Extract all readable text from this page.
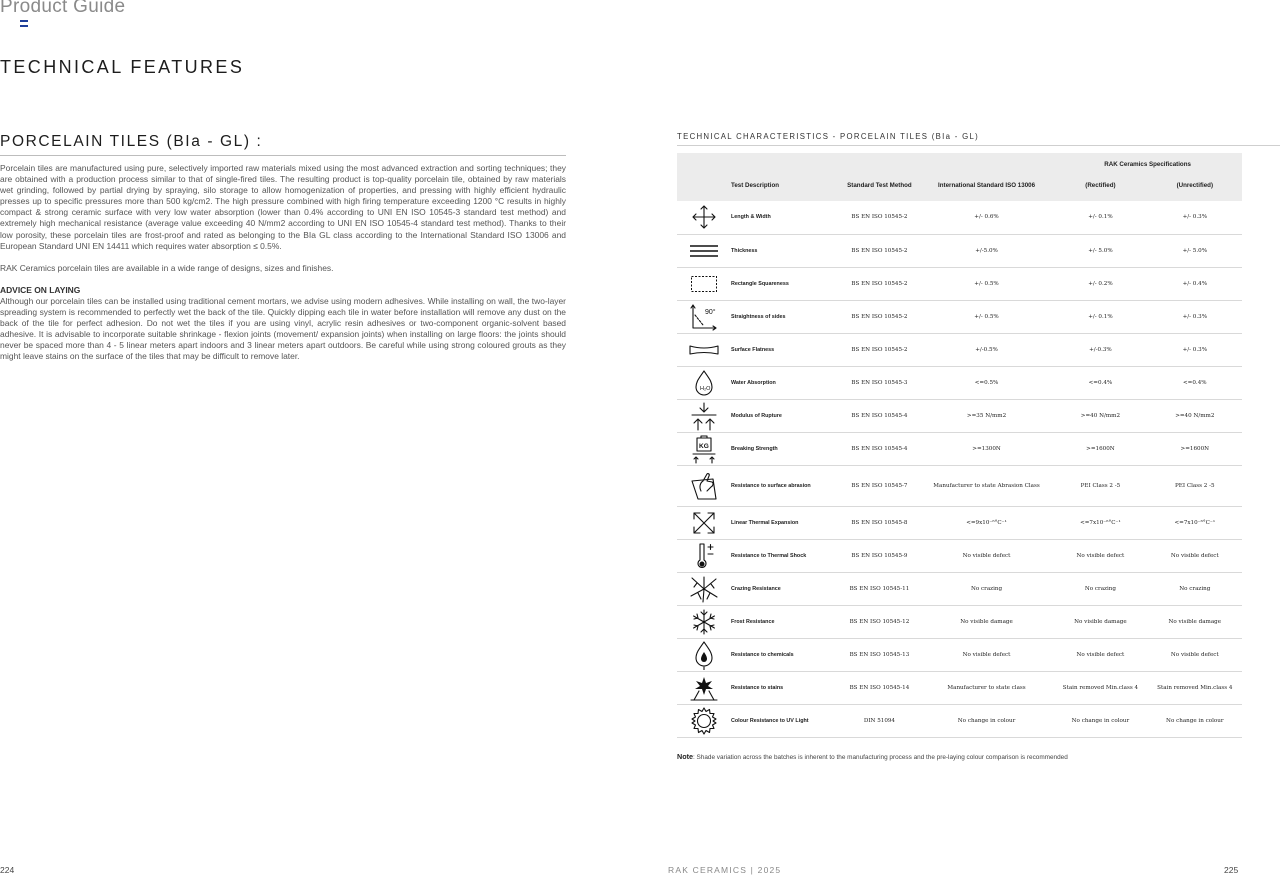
Product Guide
TECHNICAL FEATURES
PORCELAIN TILES (BIa - GL) :

Porcelain tiles are manufactured using pure, selectively imported raw materials mixed using the most advanced extraction and sorting techniques; they are obtained with a production process similar to that of single-fired tiles. The resulting product is top-quality porcelain tile, obtained by raw materials wet grinding, followed by partial drying by spraying, silo storage to allow homogenization of properties, and pressing with highly efficient hydraulic presses up to specific pressures more than 500 kg/cm2. The high pressure combined with high firing temperature exceeding 1200 °C results in highly compact & strong ceramic surface with very low water absorption (lower than 0.4% according to UNI EN ISO 10545-3 standard test method) and extremely high mechanical resistance (average value exceeding 40 N/mm2 according to UNI EN ISO 10545-4 standard test method). Thanks to their low porosity, these porcelain tiles are frost-proof and rated as belonging to the BIa GL class according to the International Standard ISO 13006 and European Standard UNI EN 14411 which requires water absorption ≤ 0.5%.

RAK Ceramics porcelain tiles are available in a wide range of designs, sizes and finishes.

ADVICE ON LAYING
Although our porcelain tiles can be installed using traditional cement mortars, we advise using modern adhesives. While installing on wall, the two-layer spreading system is recommended to perfectly wet the back of the tile. Quickly dipping each tile in water before installation will remove any dust on the back of the tile for perfect adhesion. Do not wet the tiles if you are using vinyl, acrylic resin adhesives or two-component organic-solvent based adhesive. It is advisable to incorporate suitable shrinkage - flexion joints (movement/ expansion joints) when installing on large floors: the joints should never be spaced more than 4 - 5 linear meters apart indoors and 3 linear meters apart outdoors. Be careful while using strong coloured grouts as they might leave stains on the surface of the tiles that may be difficult to remove later.
TECHNICAL CHARACTERISTICS - PORCELAIN TILES (BIa - GL)
				RAK Ceramics Specifications	
	Test Description	Standard Test Method	International Standard ISO 13006	(Rectified)	(Unrectified)

	Length & Width	BS EN ISO 10545-2	+/- 0.6%	+/- 0.1%	+/- 0.3%

	Thickness	BS EN ISO 10545-2	+/-5.0%	+/- 5.0%	+/- 5.0%

	Rectangle Squareness	BS EN ISO 10545-2	+/- 0.5%	+/- 0.2%	+/- 0.4%

90°	Straightness of sides	BS EN ISO 10545-2	+/- 0.5%	+/- 0.1%	+/- 0.3%

	Surface Flatness	BS EN ISO 10545-2	+/-0.5%	+/-0.3%	+/- 0.3%

H₂O	Water Absorption	BS EN ISO 10545-3	<=0.5%	<=0.4%	<=0.4%

	Modulus of Rupture	BS EN ISO 10545-4	>=35 N/mm2	>=40 N/mm2	>=40 N/mm2

KG	Breaking Strength	BS EN ISO 10545-4	>=1300N	>=1600N	>=1600N

	Resistance to surface abrasion	BS EN ISO 10545-7	Manufacturer to state Abrasion Class	PEI Class 2 -5	PEI Class 2 -5

	Linear Thermal Expansion	BS EN ISO 10545-8	<=9x10⁻⁶°C⁻¹	<=7x10⁻⁶°C⁻¹	<=7x10⁻⁶°C⁻¹

	Resistance to Thermal Shock	BS EN ISO 10545-9	No visible defect	No visible defect	No visible defect

	Crazing Resistance	BS EN ISO 10545-11	No crazing	No crazing	No crazing

	Frost Resistance	BS EN ISO 10545-12	No visible damage	No visible damage	No visible damage

	Resistance to chemicals	BS EN ISO 10545-13	No visible defect	No visible defect	No visible defect

	Resistance to stains	BS EN ISO 10545-14	Manufacturer to state class	Stain removed Min.class 4	Stain removed Min.class 4

	Colour Resistance to UV Light	DIN 51094	No change in colour	No change in colour	No change in colour
Note: Shade variation across the batches is inherent to the manufacturing process and the pre-laying colour comparison is recommended
224	RAK CERAMICS | 2025	225
